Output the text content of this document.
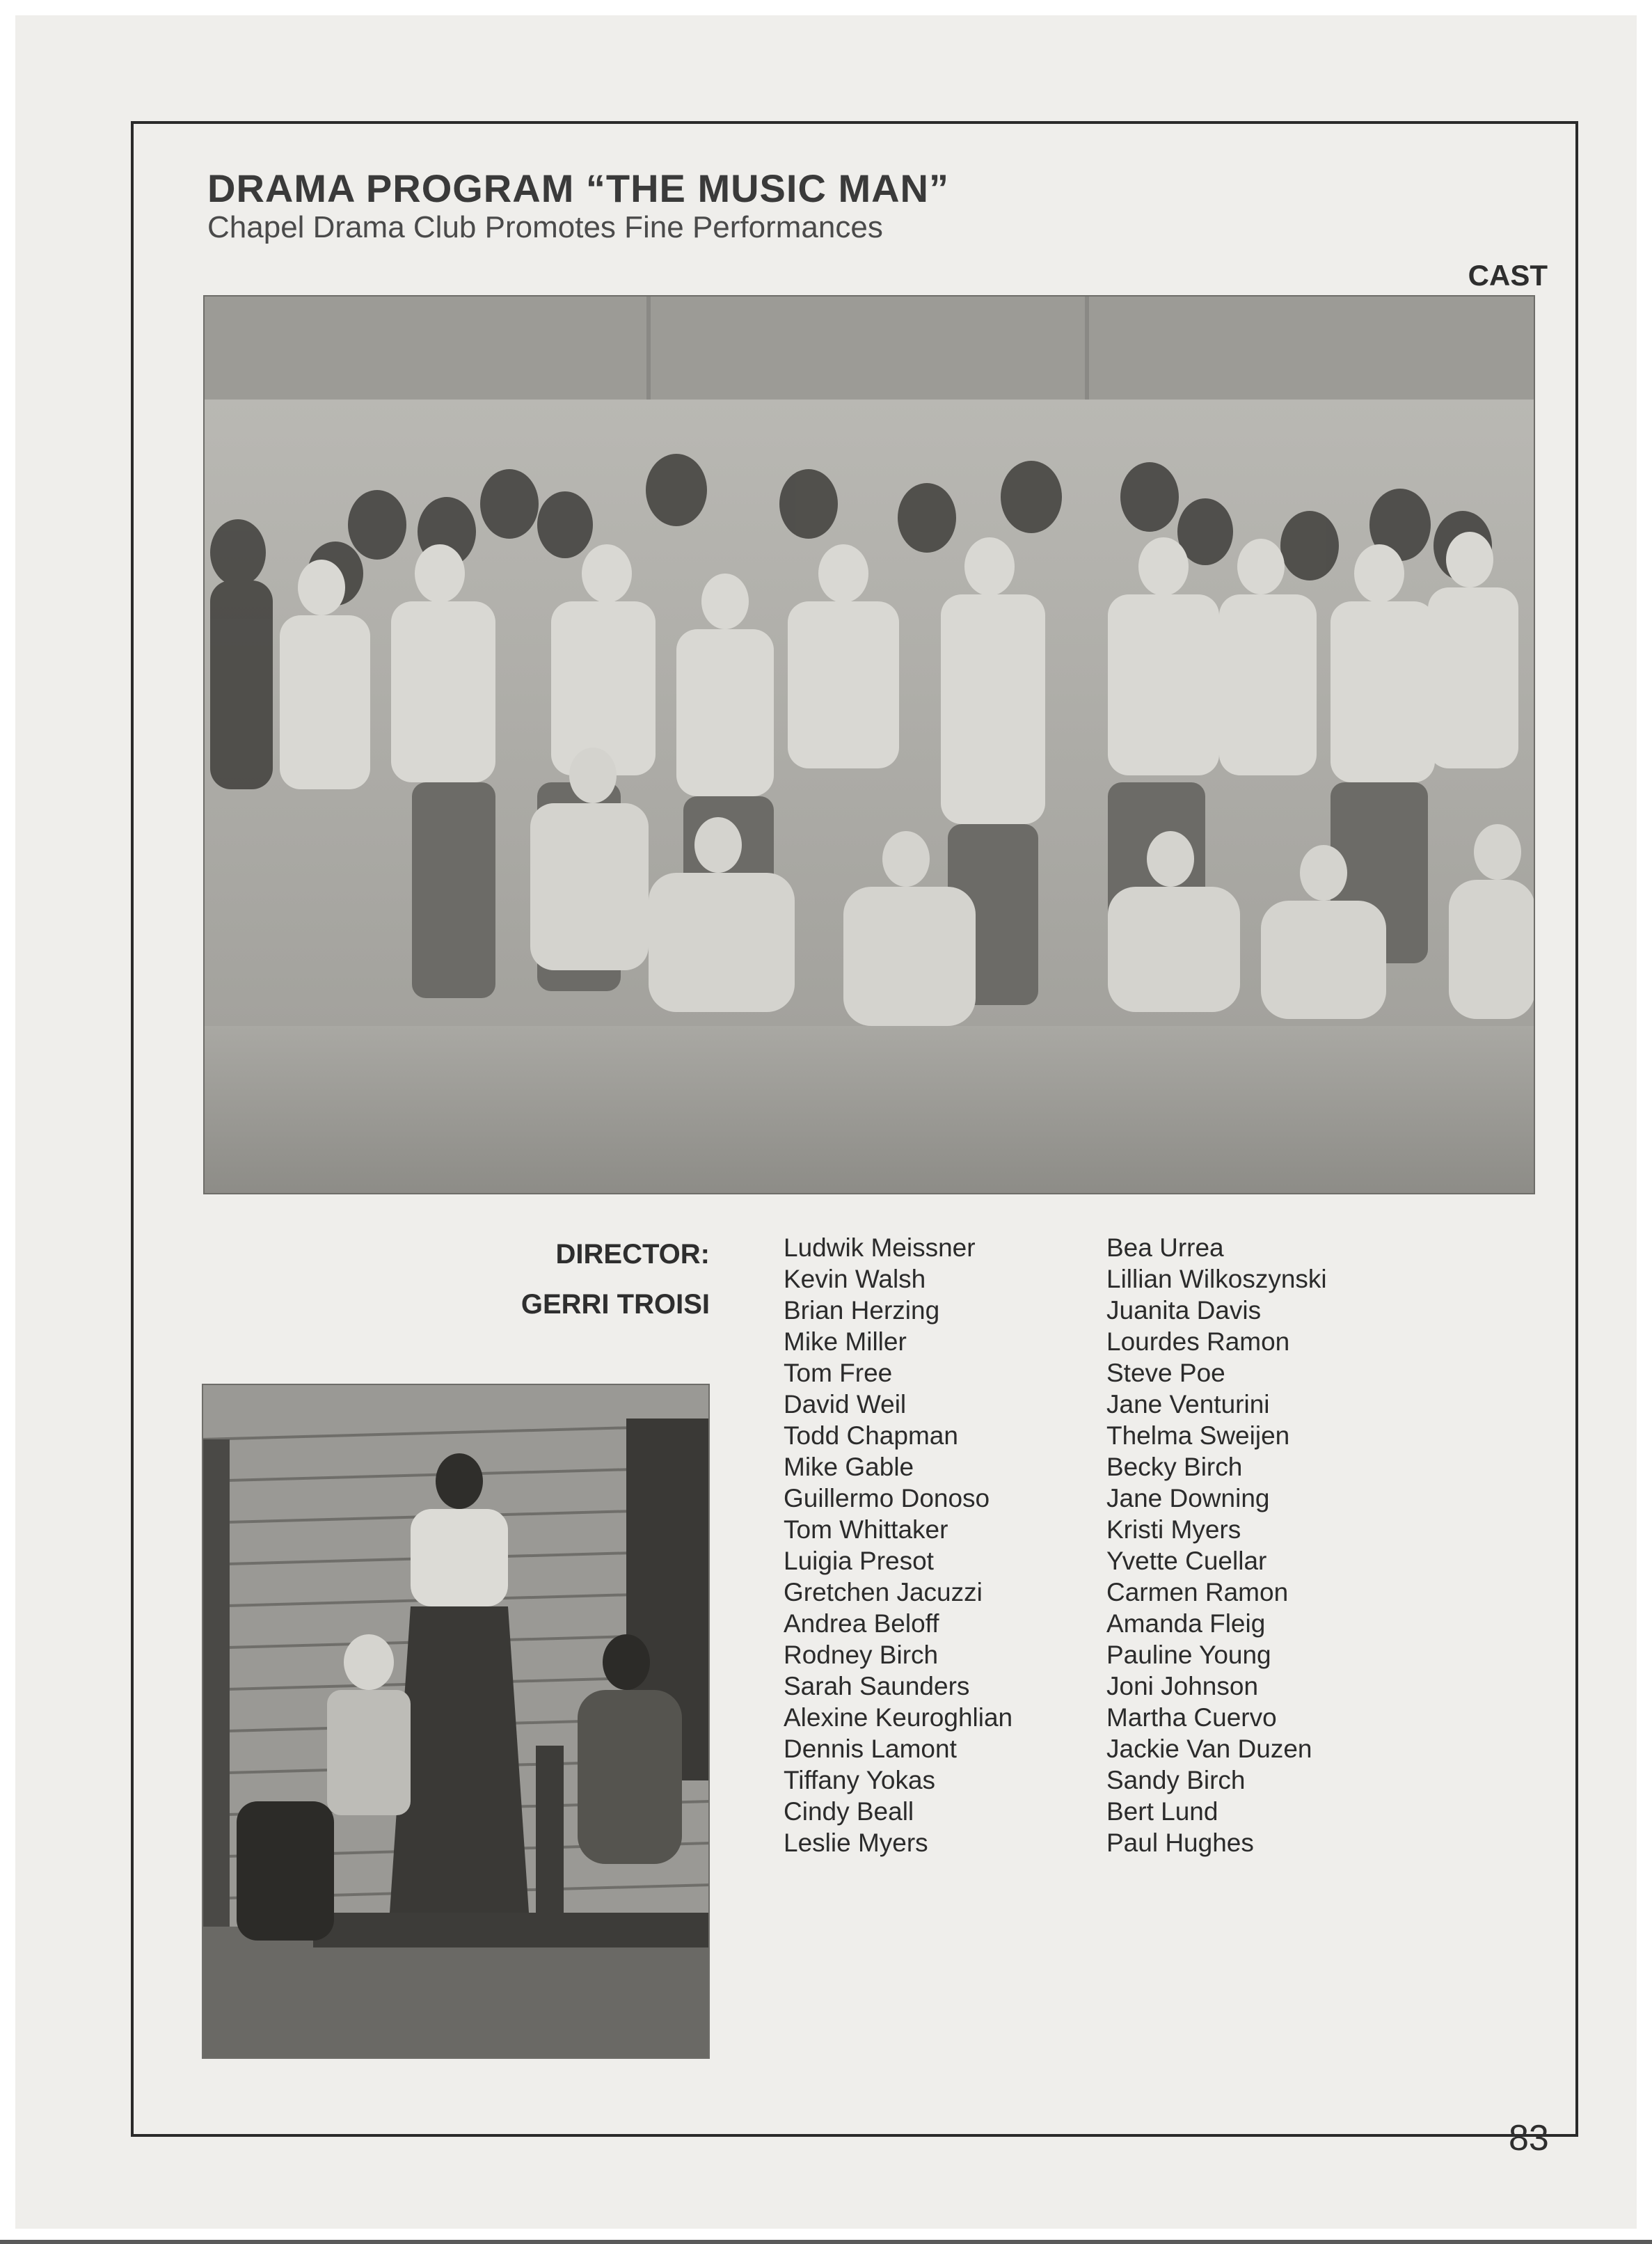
DRAMA PROGRAM “THE MUSIC MAN”
Chapel Drama Club Promotes Fine Performances
CAST
DIRECTOR:
GERRI TROISI
Ludwik Meissner
Kevin Walsh
Brian Herzing
Mike Miller
Tom Free
David Weil
Todd Chapman
Mike Gable
Guillermo Donoso
Tom Whittaker
Luigia Presot
Gretchen Jacuzzi
Andrea Beloff
Rodney Birch
Sarah Saunders
Alexine Keuroghlian
Dennis Lamont
Tiffany Yokas
Cindy Beall
Leslie Myers
Bea Urrea
Lillian Wilkoszynski
Juanita Davis
Lourdes Ramon
Steve Poe
Jane Venturini
Thelma Sweijen
Becky Birch
Jane Downing
Kristi Myers
Yvette Cuellar
Carmen Ramon
Amanda Fleig
Pauline Young
Joni Johnson
Martha Cuervo
Jackie Van Duzen
Sandy Birch
Bert Lund
Paul Hughes
83
